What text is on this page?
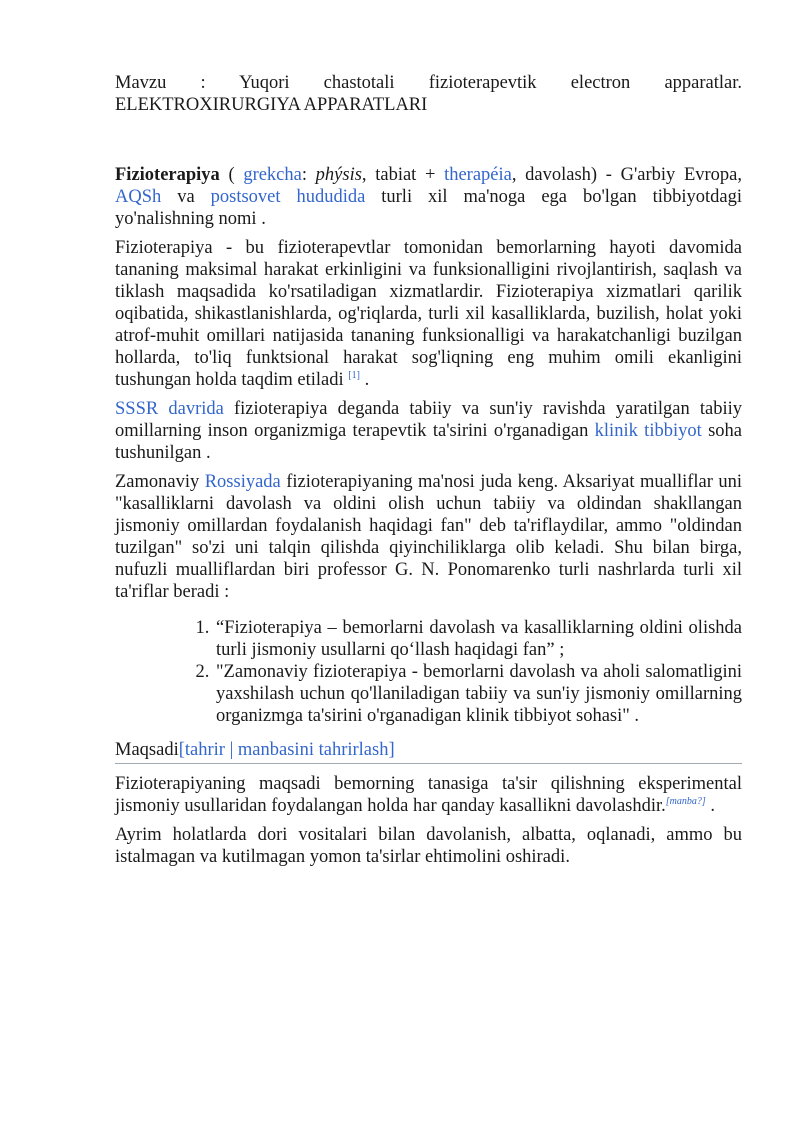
Mavzu : Yuqori chastotali fizioterapevtik electron apparatlar.
ELEKTROXIRURGIYA APPARATLARI

Fizioterapiya ( grekcha: phýsis, tabiat + therapéia, davolash) - G'arbiy Evropa, AQSh va postsovet hududida turli xil ma'noga ega bo'lgan tibbiyotdagi yo'nalishning nomi .

Fizioterapiya - bu fizioterapevtlar tomonidan bemorlarning hayoti davomida tananing maksimal harakat erkinligini va funksionalligini rivojlantirish, saqlash va tiklash maqsadida ko'rsatiladigan xizmatlardir. Fizioterapiya xizmatlari qarilik oqibatida, shikastlanishlarda, og'riqlarda, turli xil kasalliklarda, buzilish, holat yoki atrof-muhit omillari natijasida tananing funksionalligi va harakatchanligi buzilgan hollarda, to'liq funktsional harakat sog'liqning eng muhim omili ekanligini tushungan holda taqdim etiladi [1] .

SSSR davrida fizioterapiya deganda tabiiy va sun'iy ravishda yaratilgan tabiiy omillarning inson organizmiga terapevtik ta'sirini o'rganadigan klinik tibbiyot soha tushunilgan .

Zamonaviy Rossiyada fizioterapiyaning ma'nosi juda keng. Aksariyat mualliflar uni "kasalliklarni davolash va oldini olish uchun tabiiy va oldindan shakllangan jismoniy omillardan foydalanish haqidagi fan" deb ta'riflaydilar, ammo "oldindan tuzilgan" so'zi uni talqin qilishda qiyinchiliklarga olib keladi. Shu bilan birga, nufuzli mualliflardan biri professor G. N. Ponomarenko turli nashrlarda turli xil ta'riflar beradi :

1. “Fizioterapiya – bemorlarni davolash va kasalliklarning oldini olishda turli jismoniy usullarni qo‘llash haqidagi fan” ;
2. "Zamonaviy fizioterapiya - bemorlarni davolash va aholi salomatligini yaxshilash uchun qo'llaniladigan tabiiy va sun'iy jismoniy omillarning organizmga ta'sirini o'rganadigan klinik tibbiyot sohasi" .
Maqsadi[tahrir | manbasini tahrirlash]

Fizioterapiyaning maqsadi bemorning tanasiga ta'sir qilishning eksperimental jismoniy usullaridan foydalangan holda har qanday kasallikni davolashdir.[manba?] .

Ayrim holatlarda dori vositalari bilan davolanish, albatta, oqlanadi, ammo bu istalmagan va kutilmagan yomon ta'sirlar ehtimolini oshiradi.
